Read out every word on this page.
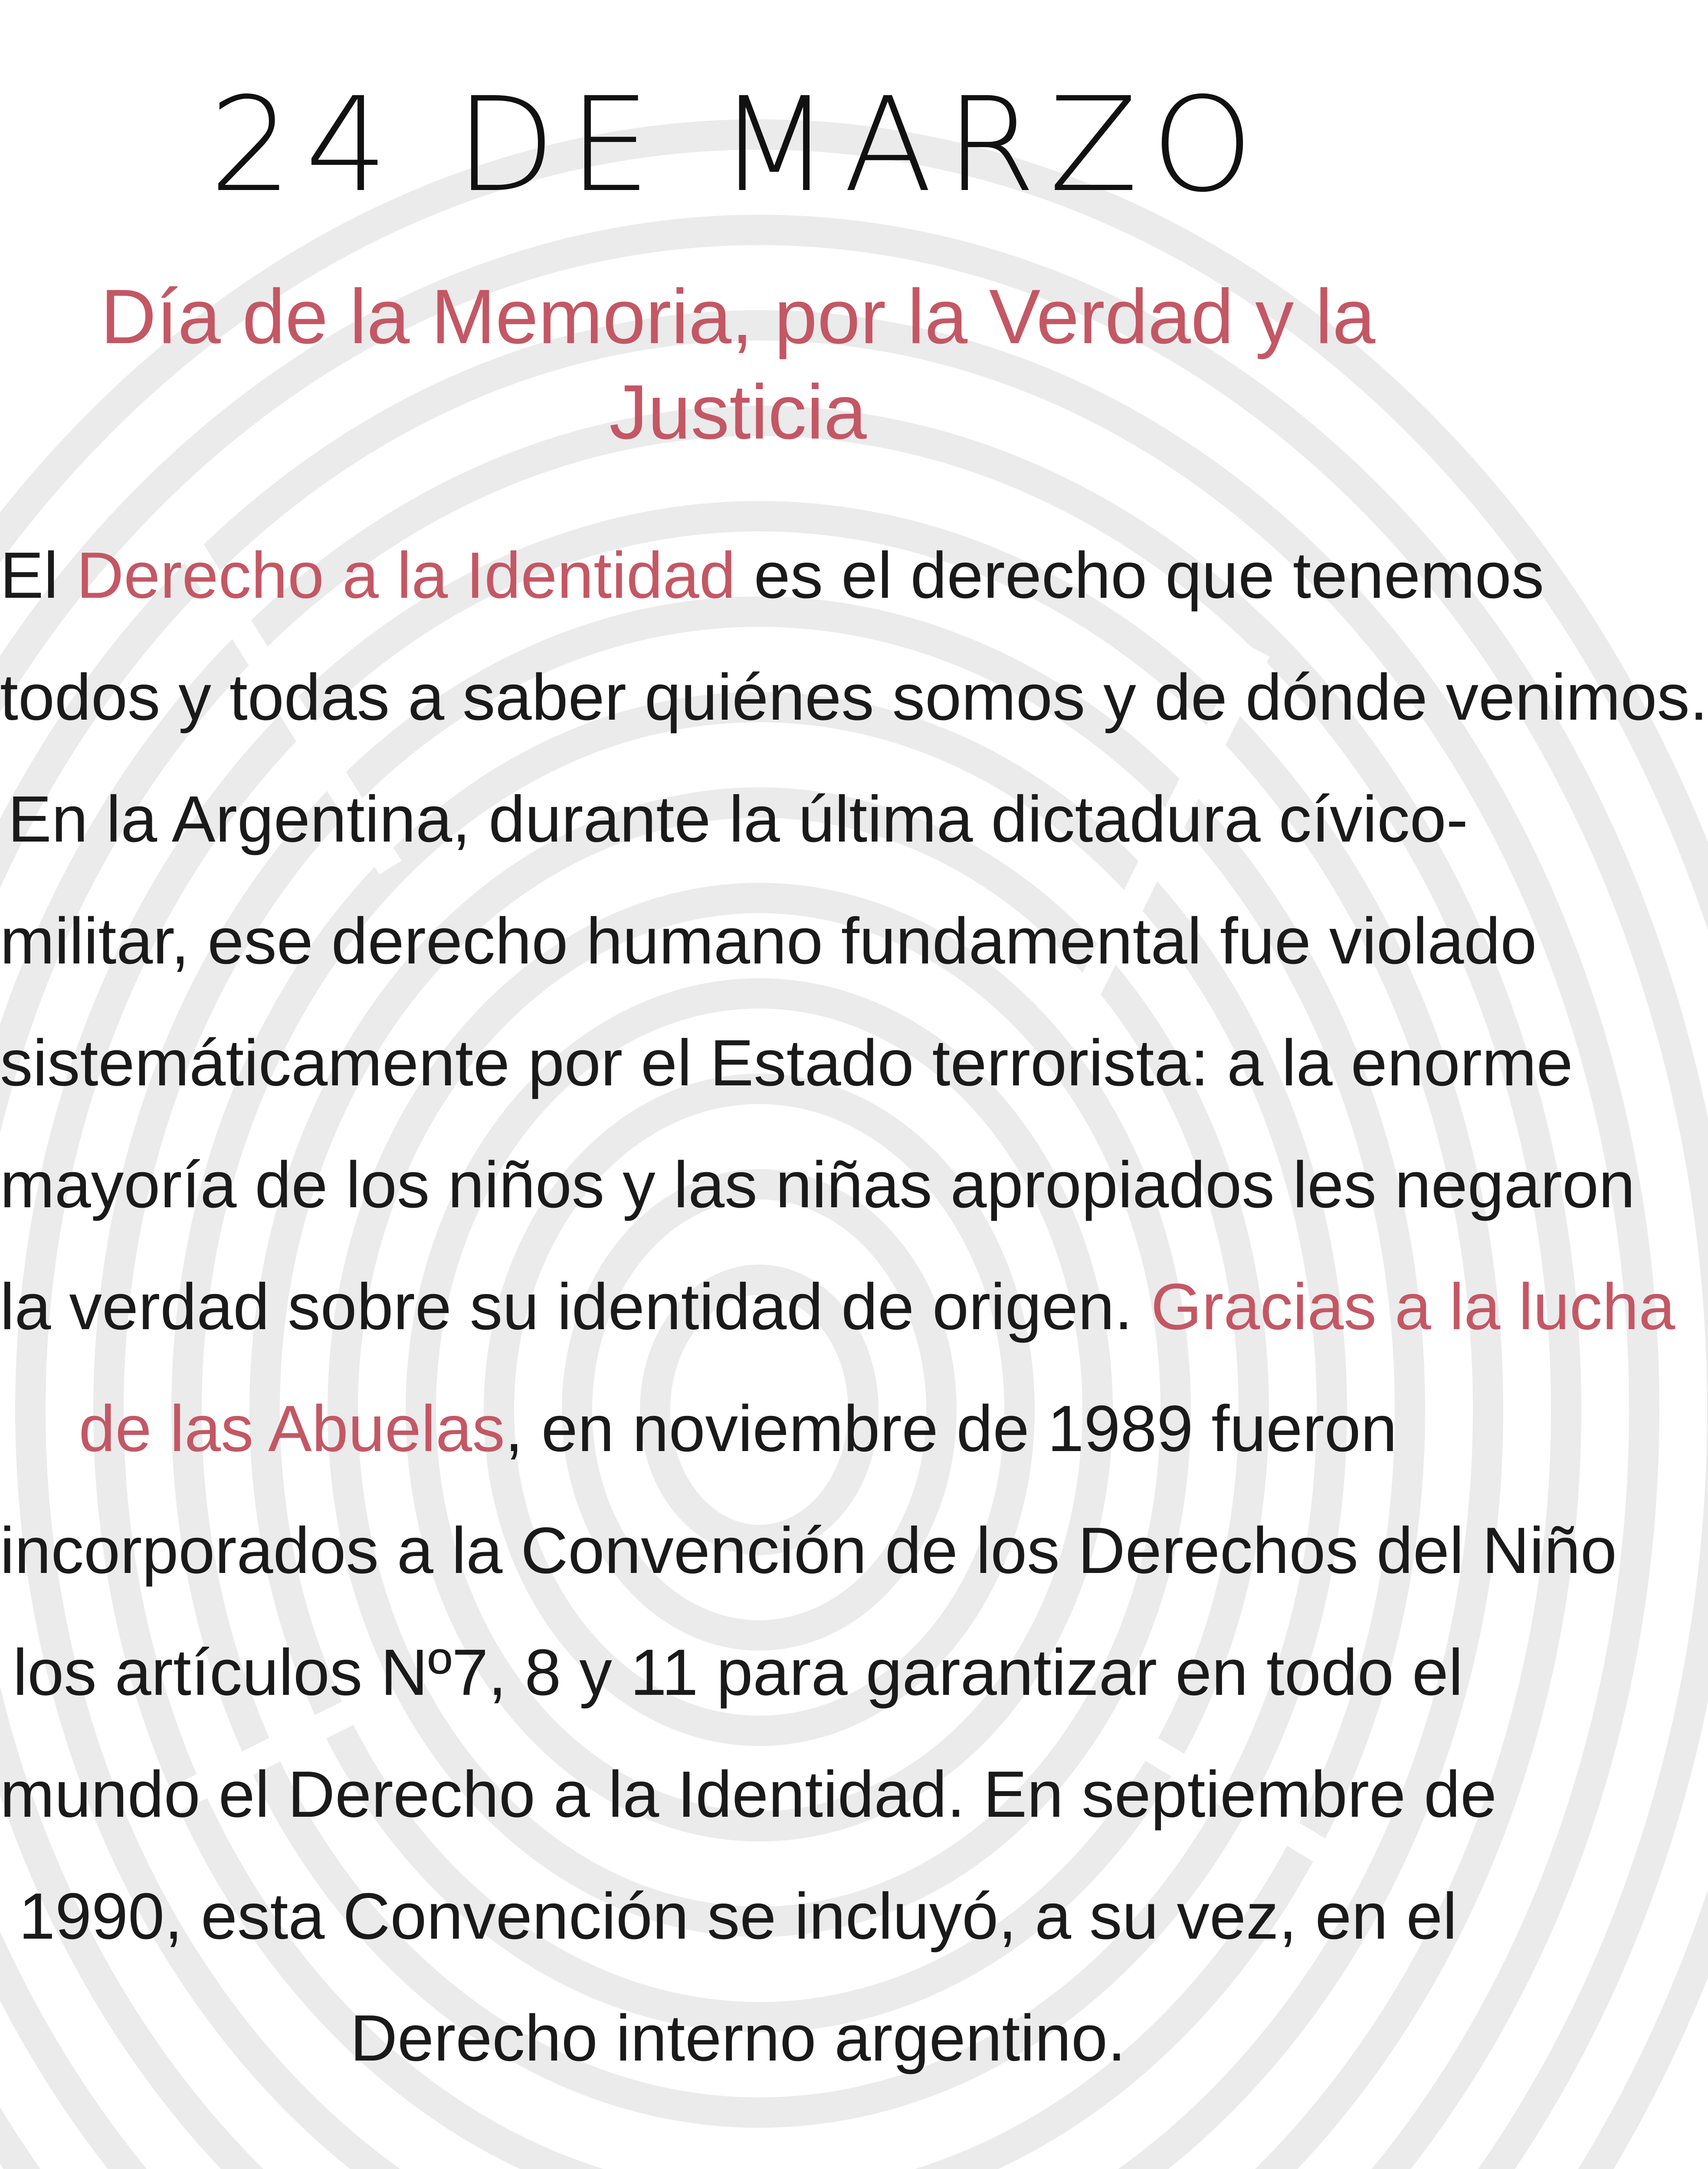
24 DE MARZO
Día de la Memoria, por la Verdad y la Justicia
El Derecho a la Identidad es el derecho que tenemos
todos y todas a saber quiénes somos y de dónde venimos.
En la Argentina, durante la última dictadura cívico-
militar, ese derecho humano fundamental fue violado
sistemáticamente por el Estado terrorista: a la enorme
mayoría de los niños y las niñas apropiados les negaron
la verdad sobre su identidad de origen. Gracias a la lucha
de las Abuelas, en noviembre de 1989 fueron
incorporados a la Convención de los Derechos del Niño
los artículos Nº7, 8 y 11 para garantizar en todo el
mundo el Derecho a la Identidad. En septiembre de
1990, esta Convención se incluyó, a su vez, en el
Derecho interno argentino.
